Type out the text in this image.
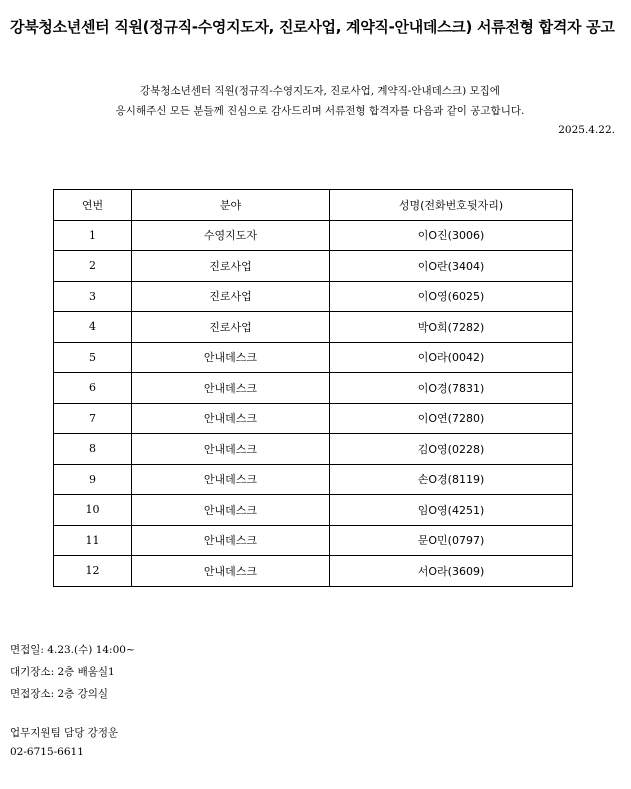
강북청소년센터 직원(정규직-수영지도자, 진로사업, 계약직-안내데스크) 서류전형 합격자 공고
강북청소년센터 직원(정규직-수영지도자, 진로사업, 계약직-안내데스크) 모집에
응시해주신 모든 분들께 진심으로 감사드리며 서류전형 합격자를 다음과 같이 공고합니다.
2025.4.22.
연번	분야	성명(전화번호뒷자리)
1	수영지도자	이O진(3006)
2	진로사업	이O란(3404)
3	진로사업	이O영(6025)
4	진로사업	박O희(7282)
5	안내데스크	이O라(0042)
6	안내데스크	이O경(7831)
7	안내데스크	이O연(7280)
8	안내데스크	김O영(0228)
9	안내데스크	손O경(8119)
10	안내데스크	임O영(4251)
11	안내데스크	문O민(0797)
12	안내데스크	서O라(3609)
면접일: 4.23.(수) 14:00~
대기장소: 2층 배움실1
면접장소: 2층 강의실
업무지원팀 담당 강정운
02-6715-6611
